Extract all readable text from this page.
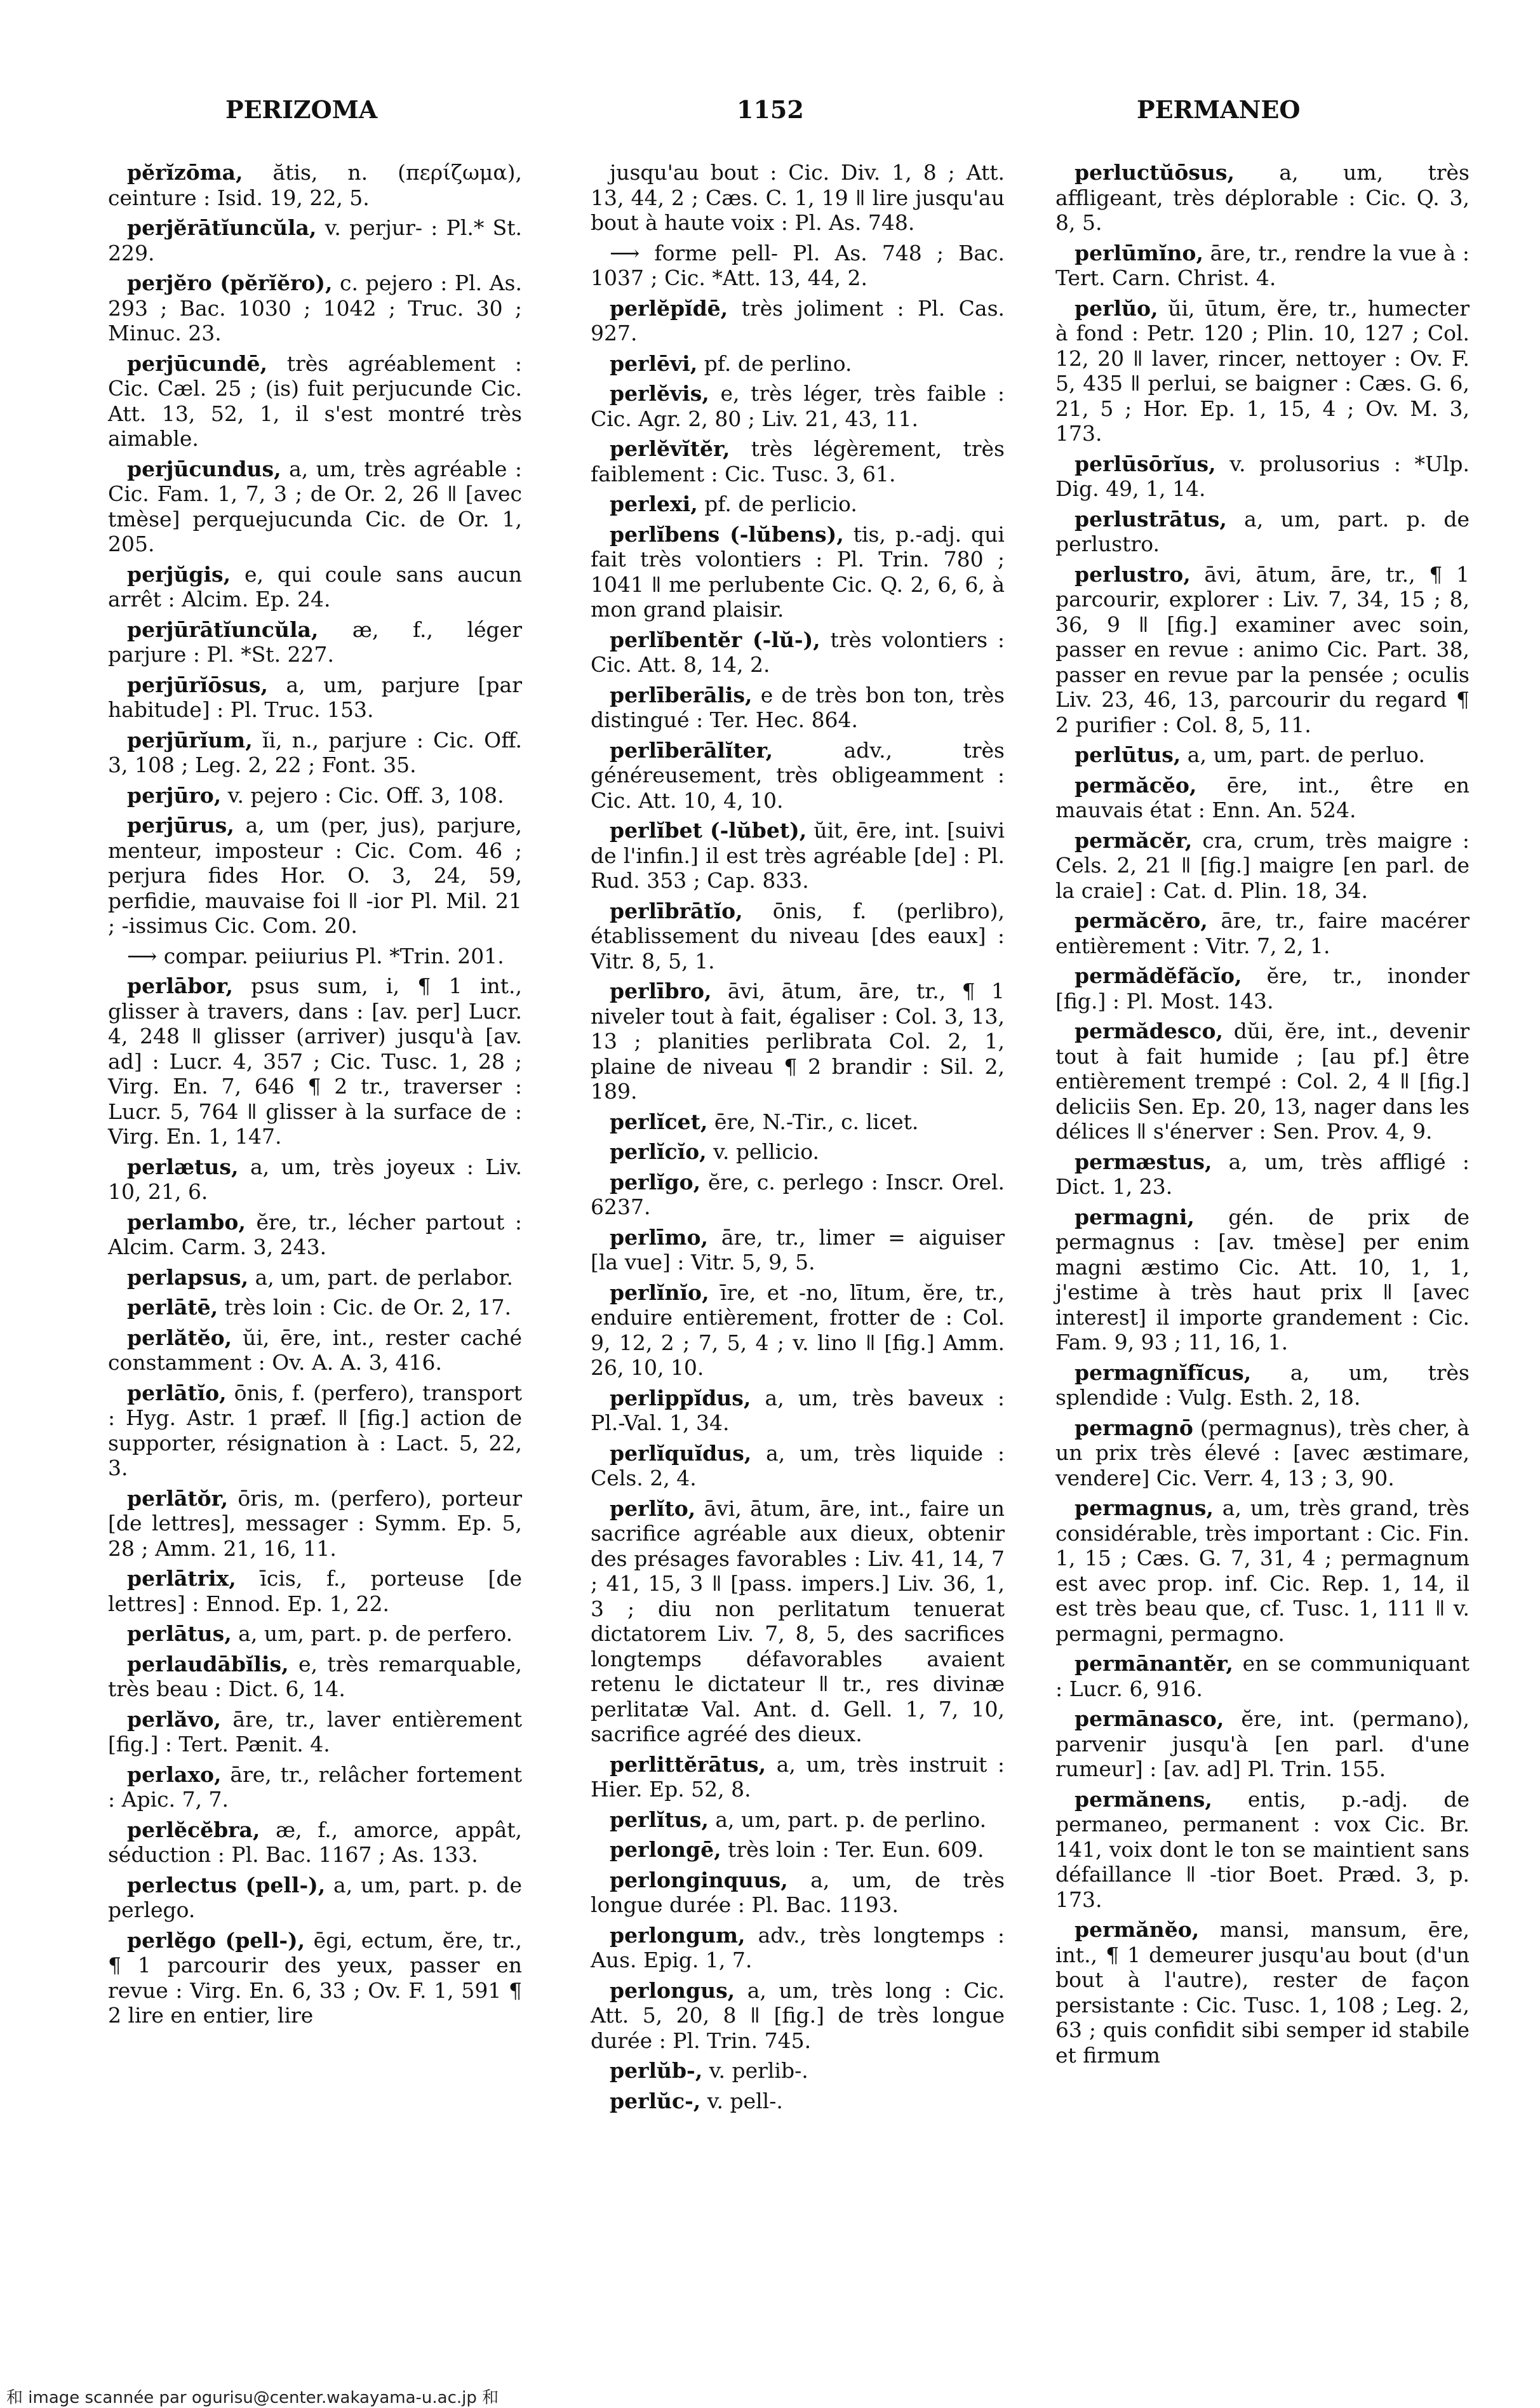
PERIZOMA	1152	PERMANEO

pĕrĭzōma, ătis, n. (περίζωμα), ceinture : Isid. 19, 22, 5.

perjĕrātĭuncŭla, v. perjur- : Pl.* St. 229.

perjĕro (pĕrĭĕro), c. pejero : Pl. As. 293 ; Bac. 1030 ; 1042 ; Truc. 30 ; Minuc. 23.

perjūcundē, très agréablement : Cic. Cæl. 25 ; (is) fuit perjucunde Cic. Att. 13, 52, 1, il s'est montré très aimable.

perjūcundus, a, um, très agréable : Cic. Fam. 1, 7, 3 ; de Or. 2, 26 ǁ [avec tmèse] perquejucunda Cic. de Or. 1, 205.

perjŭgis, e, qui coule sans aucun arrêt : Alcim. Ep. 24.

perjūrātĭuncŭla, æ, f., léger parjure : Pl. *St. 227.

perjūrĭōsus, a, um, parjure [par habitude] : Pl. Truc. 153.

perjūrĭum, ĭi, n., parjure : Cic. Off. 3, 108 ; Leg. 2, 22 ; Font. 35.

perjūro, v. pejero : Cic. Off. 3, 108.

perjūrus, a, um (per, jus), parjure, menteur, imposteur : Cic. Com. 46 ; perjura fides Hor. O. 3, 24, 59, perfidie, mauvaise foi ǁ -ior Pl. Mil. 21 ; -issimus Cic. Com. 20.

⟶ compar. peiiurius Pl. *Trin. 201.

perlābor, psus sum, i, ¶ 1 int., glisser à travers, dans : [av. per] Lucr. 4, 248 ǁ glisser (arriver) jusqu'à [av. ad] : Lucr. 4, 357 ; Cic. Tusc. 1, 28 ; Virg. En. 7, 646 ¶ 2 tr., traverser : Lucr. 5, 764 ǁ glisser à la surface de : Virg. En. 1, 147.

perlætus, a, um, très joyeux : Liv. 10, 21, 6.

perlambo, ĕre, tr., lécher partout : Alcim. Carm. 3, 243.

perlapsus, a, um, part. de perlabor.

perlātē, très loin : Cic. de Or. 2, 17.

perlătĕo, ŭi, ēre, int., rester caché constamment : Ov. A. A. 3, 416.

perlātĭo, ōnis, f. (perfero), transport : Hyg. Astr. 1 præf. ǁ [fig.] action de supporter, résignation à : Lact. 5, 22, 3.

perlātŏr, ōris, m. (perfero), porteur [de lettres], messager : Symm. Ep. 5, 28 ; Amm. 21, 16, 11.

perlātrix, īcis, f., porteuse [de lettres] : Ennod. Ep. 1, 22.

perlātus, a, um, part. p. de perfero.

perlaudābĭlis, e, très remarquable, très beau : Dict. 6, 14.

perlăvo, āre, tr., laver entièrement [fig.] : Tert. Pænit. 4.

perlaxo, āre, tr., relâcher fortement : Apic. 7, 7.

perlĕcĕbra, æ, f., amorce, appât, séduction : Pl. Bac. 1167 ; As. 133.

perlectus (pell-), a, um, part. p. de perlego.

perlĕgo (pell-), ēgi, ectum, ĕre, tr., ¶ 1 parcourir des yeux, passer en revue : Virg. En. 6, 33 ; Ov. F. 1, 591 ¶ 2 lire en entier, lire

jusqu'au bout : Cic. Div. 1, 8 ; Att. 13, 44, 2 ; Cæs. C. 1, 19 ǁ lire jusqu'au bout à haute voix : Pl. As. 748.

⟶ forme pell- Pl. As. 748 ; Bac. 1037 ; Cic. *Att. 13, 44, 2.

perlĕpĭdē, très joliment : Pl. Cas. 927.

perlēvi, pf. de perlino.

perlĕvis, e, très léger, très faible : Cic. Agr. 2, 80 ; Liv. 21, 43, 11.

perlĕvĭtĕr, très légèrement, très faiblement : Cic. Tusc. 3, 61.

perlexi, pf. de perlicio.

perlĭbens (-lŭbens), tis, p.-adj. qui fait très volontiers : Pl. Trin. 780 ; 1041 ǁ me perlubente Cic. Q. 2, 6, 6, à mon grand plaisir.

perlĭbentĕr (-lŭ-), très volontiers : Cic. Att. 8, 14, 2.

perlīberālis, e de très bon ton, très distingué : Ter. Hec. 864.

perlīberālĭter, adv., très généreusement, très obligeamment : Cic. Att. 10, 4, 10.

perlĭbet (-lŭbet), ŭit, ēre, int. [suivi de l'infin.] il est très agréable [de] : Pl. Rud. 353 ; Cap. 833.

perlībrātĭo, ōnis, f. (perlibro), établissement du niveau [des eaux] : Vitr. 8, 5, 1.

perlībro, āvi, ātum, āre, tr., ¶ 1 niveler tout à fait, égaliser : Col. 3, 13, 13 ; planities perlibrata Col. 2, 1, plaine de niveau ¶ 2 brandir : Sil. 2, 189.

perlĭcet, ēre, N.-Tir., c. licet.

perlĭcĭo, v. pellicio.

perlĭgo, ĕre, c. perlego : Inscr. Orel. 6237.

perlīmo, āre, tr., limer = aiguiser [la vue] : Vitr. 5, 9, 5.

perlĭnĭo, īre, et -no, lītum, ĕre, tr., enduire entièrement, frotter de : Col. 9, 12, 2 ; 7, 5, 4 ; v. lino ǁ [fig.] Amm. 26, 10, 10.

perlippĭdus, a, um, très baveux : Pl.-Val. 1, 34.

perlĭquĭdus, a, um, très liquide : Cels. 2, 4.

perlĭto, āvi, ātum, āre, int., faire un sacrifice agréable aux dieux, obtenir des présages favorables : Liv. 41, 14, 7 ; 41, 15, 3 ǁ [pass. impers.] Liv. 36, 1, 3 ; diu non perlitatum tenuerat dictatorem Liv. 7, 8, 5, des sacrifices longtemps défavorables avaient retenu le dictateur ǁ tr., res divinæ perlitatæ Val. Ant. d. Gell. 1, 7, 10, sacrifice agréé des dieux.

perlittĕrātus, a, um, très instruit : Hier. Ep. 52, 8.

perlĭtus, a, um, part. p. de perlino.

perlongē, très loin : Ter. Eun. 609.

perlonginquus, a, um, de très longue durée : Pl. Bac. 1193.

perlongum, adv., très longtemps : Aus. Epig. 1, 7.

perlongus, a, um, très long : Cic. Att. 5, 20, 8 ǁ [fig.] de très longue durée : Pl. Trin. 745.

perlŭb-, v. perlib-.

perlŭc-, v. pell-.

perluctŭōsus, a, um, très affligeant, très déplorable : Cic. Q. 3, 8, 5.

perlūmĭno, āre, tr., rendre la vue à : Tert. Carn. Christ. 4.

perlŭo, ŭi, ūtum, ĕre, tr., humecter à fond : Petr. 120 ; Plin. 10, 127 ; Col. 12, 20 ǁ laver, rincer, nettoyer : Ov. F. 5, 435 ǁ perlui, se baigner : Cæs. G. 6, 21, 5 ; Hor. Ep. 1, 15, 4 ; Ov. M. 3, 173.

perlūsōrĭus, v. prolusorius : *Ulp. Dig. 49, 1, 14.

perlustrātus, a, um, part. p. de perlustro.

perlustro, āvi, ātum, āre, tr., ¶ 1 parcourir, explorer : Liv. 7, 34, 15 ; 8, 36, 9 ǁ [fig.] examiner avec soin, passer en revue : animo Cic. Part. 38, passer en revue par la pensée ; oculis Liv. 23, 46, 13, parcourir du regard ¶ 2 purifier : Col. 8, 5, 11.

perlūtus, a, um, part. de perluo.

permăcĕo, ēre, int., être en mauvais état : Enn. An. 524.

permăcĕr, cra, crum, très maigre : Cels. 2, 21 ǁ [fig.] maigre [en parl. de la craie] : Cat. d. Plin. 18, 34.

permăcĕro, āre, tr., faire macérer entièrement : Vitr. 7, 2, 1.

permădĕfăcĭo, ĕre, tr., inonder [fig.] : Pl. Most. 143.

permădesco, dŭi, ĕre, int., devenir tout à fait humide ; [au pf.] être entièrement trempé : Col. 2, 4 ǁ [fig.] deliciis Sen. Ep. 20, 13, nager dans les délices ǁ s'énerver : Sen. Prov. 4, 9.

permæstus, a, um, très affligé : Dict. 1, 23.

permagni, gén. de prix de permagnus : [av. tmèse] per enim magni æstimo Cic. Att. 10, 1, 1, j'estime à très haut prix ǁ [avec interest] il importe grandement : Cic. Fam. 9, 93 ; 11, 16, 1.

permagnĭfĭcus, a, um, très splendide : Vulg. Esth. 2, 18.

permagnō (permagnus), très cher, à un prix très élevé : [avec æstimare, vendere] Cic. Verr. 4, 13 ; 3, 90.

permagnus, a, um, très grand, très considérable, très important : Cic. Fin. 1, 15 ; Cæs. G. 7, 31, 4 ; permagnum est avec prop. inf. Cic. Rep. 1, 14, il est très beau que, cf. Tusc. 1, 111 ǁ v. permagni, permagno.

permānantĕr, en se communiquant : Lucr. 6, 916.

permānasco, ĕre, int. (permano), parvenir jusqu'à [en parl. d'une rumeur] : [av. ad] Pl. Trin. 155.

permănens, entis, p.-adj. de permaneo, permanent : vox Cic. Br. 141, voix dont le ton se maintient sans défaillance ǁ -tior Boet. Præd. 3, p. 173.

permănĕo, mansi, mansum, ēre, int., ¶ 1 demeurer jusqu'au bout (d'un bout à l'autre), rester de façon persistante : Cic. Tusc. 1, 108 ; Leg. 2, 63 ; quis confidit sibi semper id stabile et firmum

和 image scannée par ogurisu@center.wakayama-u.ac.jp 和
